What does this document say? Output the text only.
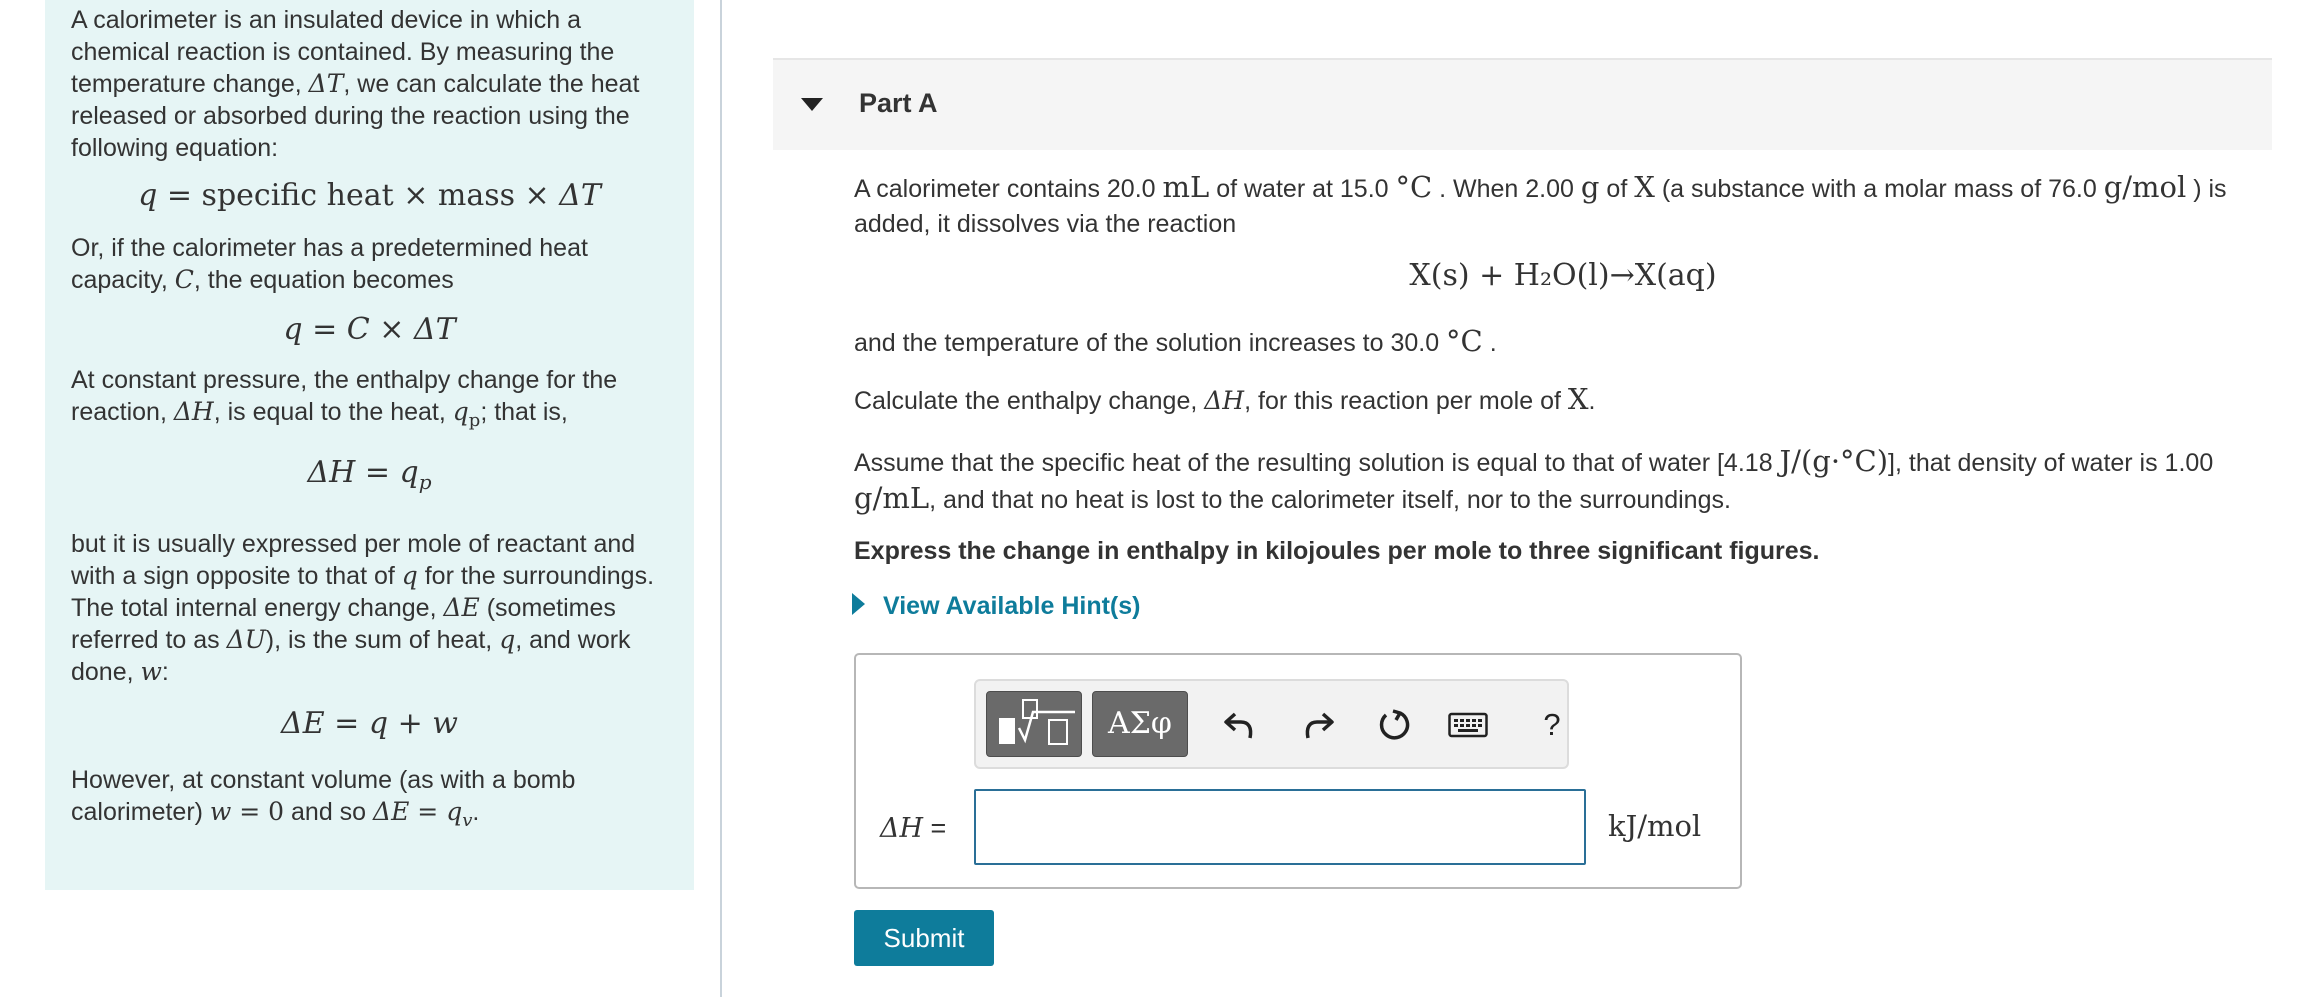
A calorimeter is an insulated device in which a chemical reaction is contained. By measuring the temperature change, ΔT, we can calculate the heat released or absorbed during the reaction using the following equation:

q = specific heat × mass × ΔT

Or, if the calorimeter has a predetermined heat capacity, C, the equation becomes

q = C × ΔT

At constant pressure, the enthalpy change for the reaction, ΔH, is equal to the heat, $q_p$; that is,

$\Delta H = q_p$

but it is usually expressed per mole of reactant and with a sign opposite to that of q for the surroundings. The total internal energy change, ΔE (sometimes referred to as ΔU), is the sum of heat, q, and work done, w:

ΔE = q + w

However, at constant volume (as with a bomb calorimeter) w = 0 and so $\Delta E = q_v$.

Part A
A calorimeter contains 20.0 mL of water at 15.0 °C . When 2.00 g of X (a substance with a molar mass of 76.0 g/mol ) is added, it dissolves via the reaction
X(s) + H₂O(l)→X(aq)
and the temperature of the solution increases to 30.0 °C .
Calculate the enthalpy change, ΔH, for this reaction per mole of X.
Assume that the specific heat of the resulting solution is equal to that of water [4.18 J/(g·°C)], that density of water is 1.00 g/mL, and that no heat is lost to the calorimeter itself, nor to the surroundings.
Express the change in enthalpy in kilojoules per mole to three significant figures.
View Available Hint(s)
ΑΣφ	?
ΔH =	kJ/mol
Submit
